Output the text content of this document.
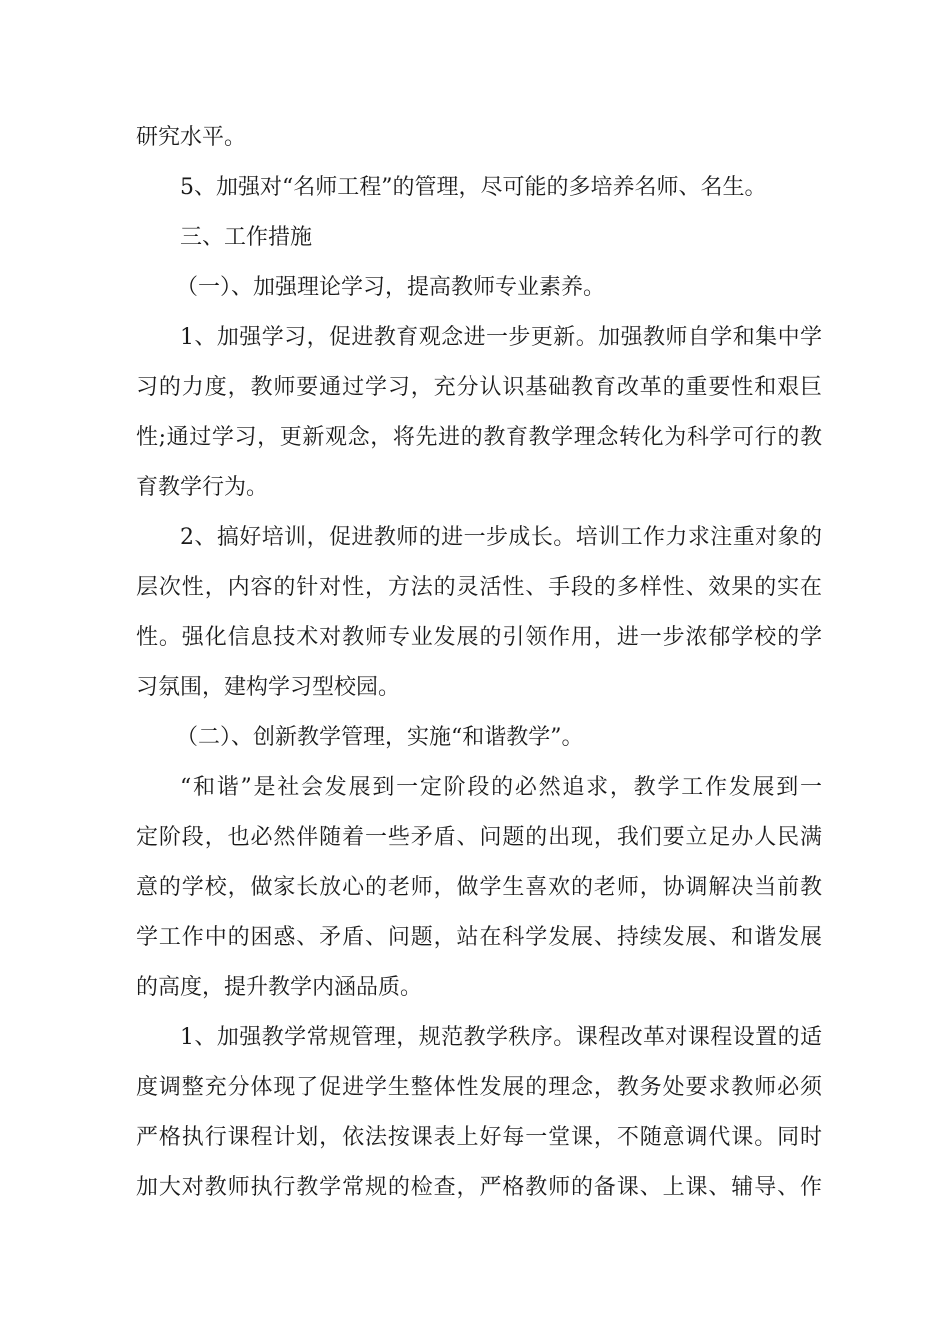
研究水平。
5、加强对“名师工程”的管理，尽可能的多培养名师、名生。
三、工作措施
（一）、加强理论学习，提高教师专业素养。
1、加强学习，促进教育观念进一步更新。加强教师自学和集中学
习的力度，教师要通过学习，充分认识基础教育改革的重要性和艰巨
性;通过学习，更新观念，将先进的教育教学理念转化为科学可行的教
育教学行为。
2、搞好培训，促进教师的进一步成长。培训工作力求注重对象的
层次性，内容的针对性，方法的灵活性、手段的多样性、效果的实在
性。强化信息技术对教师专业发展的引领作用，进一步浓郁学校的学
习氛围，建构学习型校园。
（二）、创新教学管理，实施“和谐教学”。
“和谐”是社会发展到一定阶段的必然追求，教学工作发展到一
定阶段，也必然伴随着一些矛盾、问题的出现，我们要立足办人民满
意的学校，做家长放心的老师，做学生喜欢的老师，协调解决当前教
学工作中的困惑、矛盾、问题，站在科学发展、持续发展、和谐发展
的高度，提升教学内涵品质。
1、加强教学常规管理，规范教学秩序。课程改革对课程设置的适
度调整充分体现了促进学生整体性发展的理念，教务处要求教师必须
严格执行课程计划，依法按课表上好每一堂课，不随意调代课。同时
加大对教师执行教学常规的检查，严格教师的备课、上课、辅导、作
